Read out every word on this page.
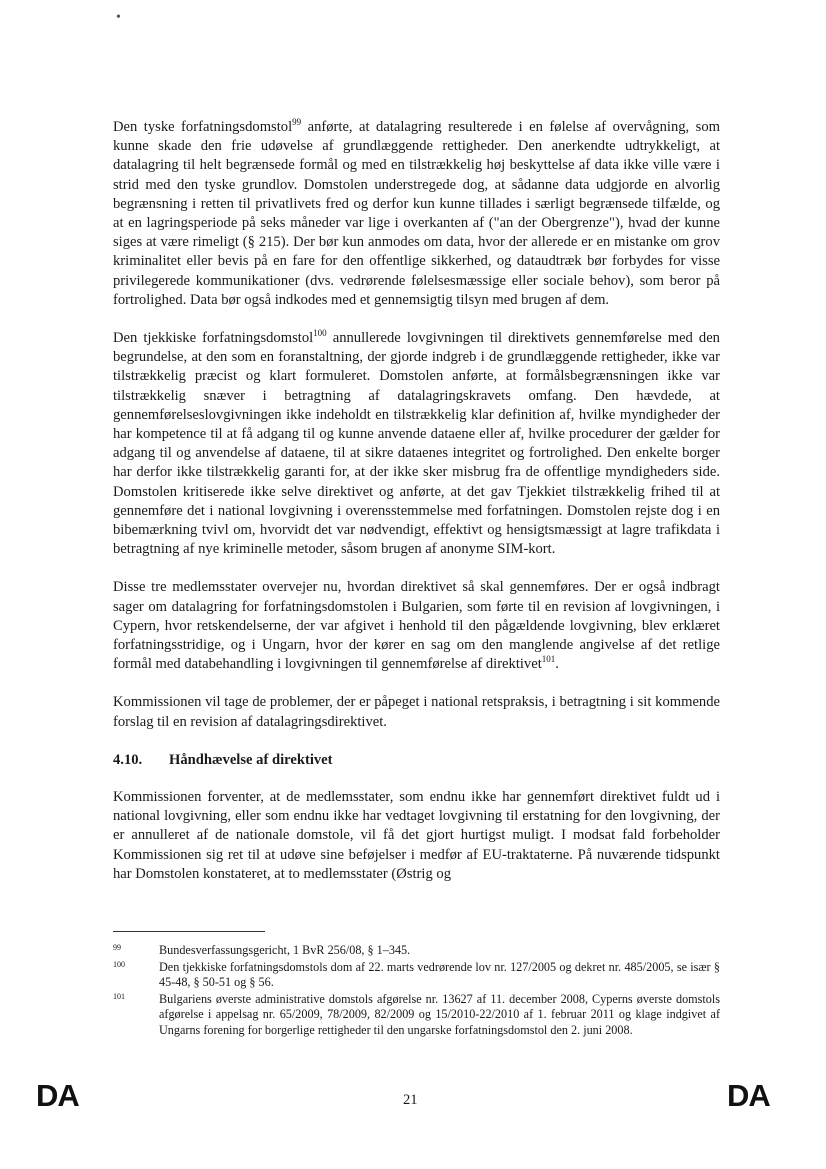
•

Den tyske forfatningsdomstol$^{99}$ anførte, at datalagring resulterede i en følelse af overvågning, som kunne skade den frie udøvelse af grundlæggende rettigheder. Den anerkendte udtrykkeligt, at datalagring til helt begrænsede formål og med en tilstrækkelig høj beskyttelse af data ikke ville være i strid med den tyske grundlov. Domstolen understregede dog, at sådanne data udgjorde en alvorlig begrænsning i retten til privatlivets fred og derfor kun kunne tillades i særligt begrænsede tilfælde, og at en lagringsperiode på seks måneder var lige i overkanten af ("an der Obergrenze"), hvad der kunne siges at være rimeligt (§ 215). Der bør kun anmodes om data, hvor der allerede er en mistanke om grov kriminalitet eller bevis på en fare for den offentlige sikkerhed, og dataudtræk bør forbydes for visse privilegerede kommunikationer (dvs. vedrørende følelsesmæssige eller sociale behov), som beror på fortrolighed. Data bør også indkodes med et gennemsigtig tilsyn med brugen af dem.

Den tjekkiske forfatningsdomstol$^{100}$ annullerede lovgivningen til direktivets gennemførelse med den begrundelse, at den som en foranstaltning, der gjorde indgreb i de grundlæggende rettigheder, ikke var tilstrækkelig præcist og klart formuleret. Domstolen anførte, at formålsbegrænsningen ikke var tilstrækkelig snæver i betragtning af datalagringskravets omfang. Den hævdede, at gennemførelseslovgivningen ikke indeholdt en tilstrækkelig klar definition af, hvilke myndigheder der har kompetence til at få adgang til og kunne anvende dataene eller af, hvilke procedurer der gælder for adgang til og anvendelse af dataene, til at sikre dataenes integritet og fortrolighed. Den enkelte borger har derfor ikke tilstrækkelig garanti for, at der ikke sker misbrug fra de offentlige myndigheders side. Domstolen kritiserede ikke selve direktivet og anførte, at det gav Tjekkiet tilstrækkelig frihed til at gennemføre det i national lovgivning i overensstemmelse med forfatningen. Domstolen rejste dog i en bibemærkning tvivl om, hvorvidt det var nødvendigt, effektivt og hensigtsmæssigt at lagre trafikdata i betragtning af nye kriminelle metoder, såsom brugen af anonyme SIM-kort.

Disse tre medlemsstater overvejer nu, hvordan direktivet så skal gennemføres. Der er også indbragt sager om datalagring for forfatningsdomstolen i Bulgarien, som førte til en revision af lovgivningen, i Cypern, hvor retskendelserne, der var afgivet i henhold til den pågældende lovgivning, blev erklæret forfatningsstridige, og i Ungarn, hvor der kører en sag om den manglende angivelse af det retlige formål med databehandling i lovgivningen til gennemførelse af direktivet$^{101}$.

Kommissionen vil tage de problemer, der er påpeget i national retspraksis, i betragtning i sit kommende forslag til en revision af datalagringsdirektivet.

4.10. Håndhævelse af direktivet

Kommissionen forventer, at de medlemsstater, som endnu ikke har gennemført direktivet fuldt ud i national lovgivning, eller som endnu ikke har vedtaget lovgivning til erstatning for den lovgivning, der er annulleret af de nationale domstole, vil få det gjort hurtigst muligt. I modsat fald forbeholder Kommissionen sig ret til at udøve sine beføjelser i medfør af EU-traktaterne. På nuværende tidspunkt har Domstolen konstateret, at to medlemsstater (Østrig og

99	Bundesverfassungsgericht, 1 BvR 256/08, § 1–345.
100	Den tjekkiske forfatningsdomstols dom af 22. marts vedrørende lov nr. 127/2005 og dekret nr. 485/2005, se især § 45-48, § 50-51 og § 56.
101	Bulgariens øverste administrative domstols afgørelse nr. 13627 af 11. december 2008, Cyperns øverste domstols afgørelse i appelsag nr. 65/2009, 78/2009, 82/2009 og 15/2010-22/2010 af 1. februar 2011 og klage indgivet af Ungarns forening for borgerlige rettigheder til den ungarske forfatningsdomstol den 2. juni 2008.
DA	21	DA
